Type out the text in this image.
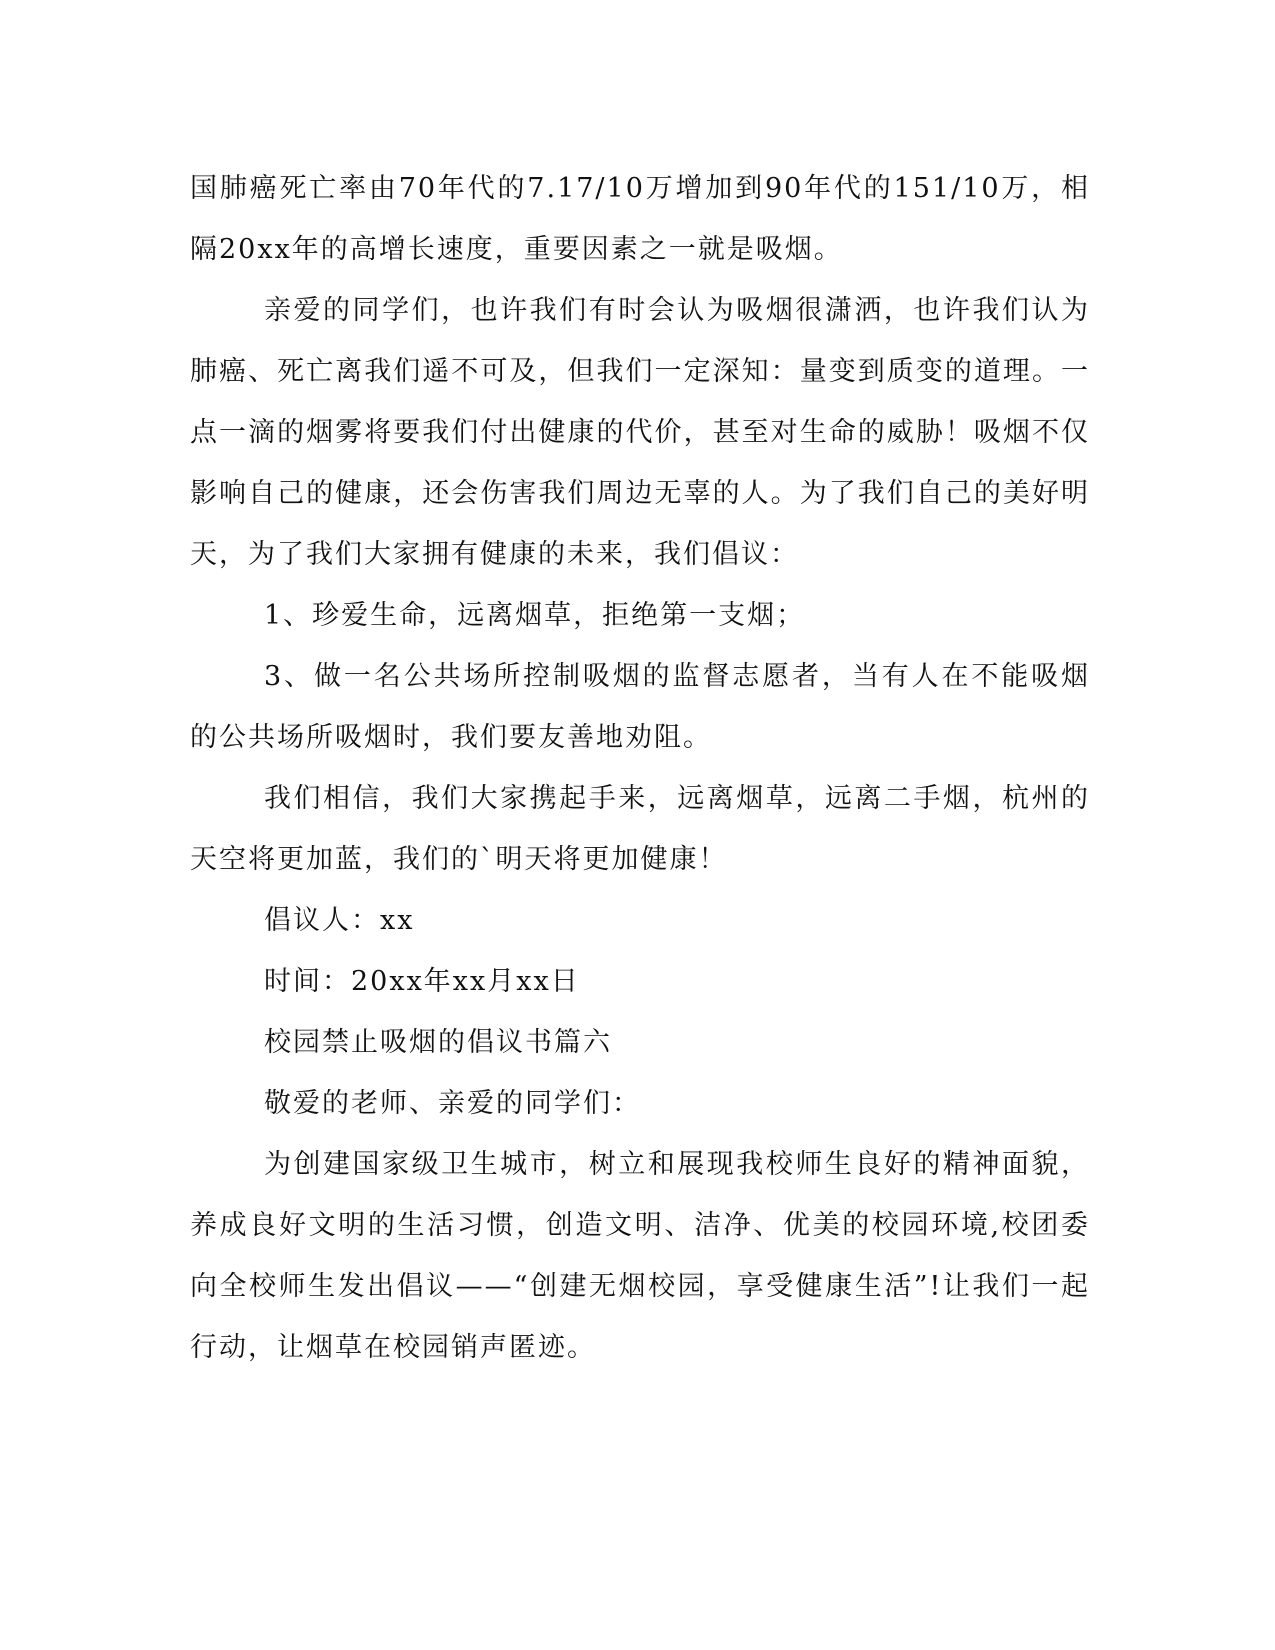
国肺癌死亡率由70年代的7.17/10万增加到90年代的151/10万，相隔20xx年的高增长速度，重要因素之一就是吸烟。

亲爱的同学们，也许我们有时会认为吸烟很潇洒，也许我们认为肺癌、死亡离我们遥不可及，但我们一定深知：量变到质变的道理。一点一滴的烟雾将要我们付出健康的代价，甚至对生命的威胁！吸烟不仅影响自己的健康，还会伤害我们周边无辜的人。为了我们自己的美好明天，为了我们大家拥有健康的未来，我们倡议：

1、珍爱生命，远离烟草，拒绝第一支烟；

3、做一名公共场所控制吸烟的监督志愿者，当有人在不能吸烟的公共场所吸烟时，我们要友善地劝阻。

我们相信，我们大家携起手来，远离烟草，远离二手烟，杭州的天空将更加蓝，我们的`明天将更加健康！

倡议人：xx

时间：20xx年xx月xx日

校园禁止吸烟的倡议书篇六

敬爱的老师、亲爱的同学们：

为创建国家级卫生城市，树立和展现我校师生良好的精神面貌，养成良好文明的生活习惯，创造文明、洁净、优美的校园环境,校团委向全校师生发出倡议——“创建无烟校园，享受健康生活”!让我们一起行动，让烟草在校园销声匿迹。
